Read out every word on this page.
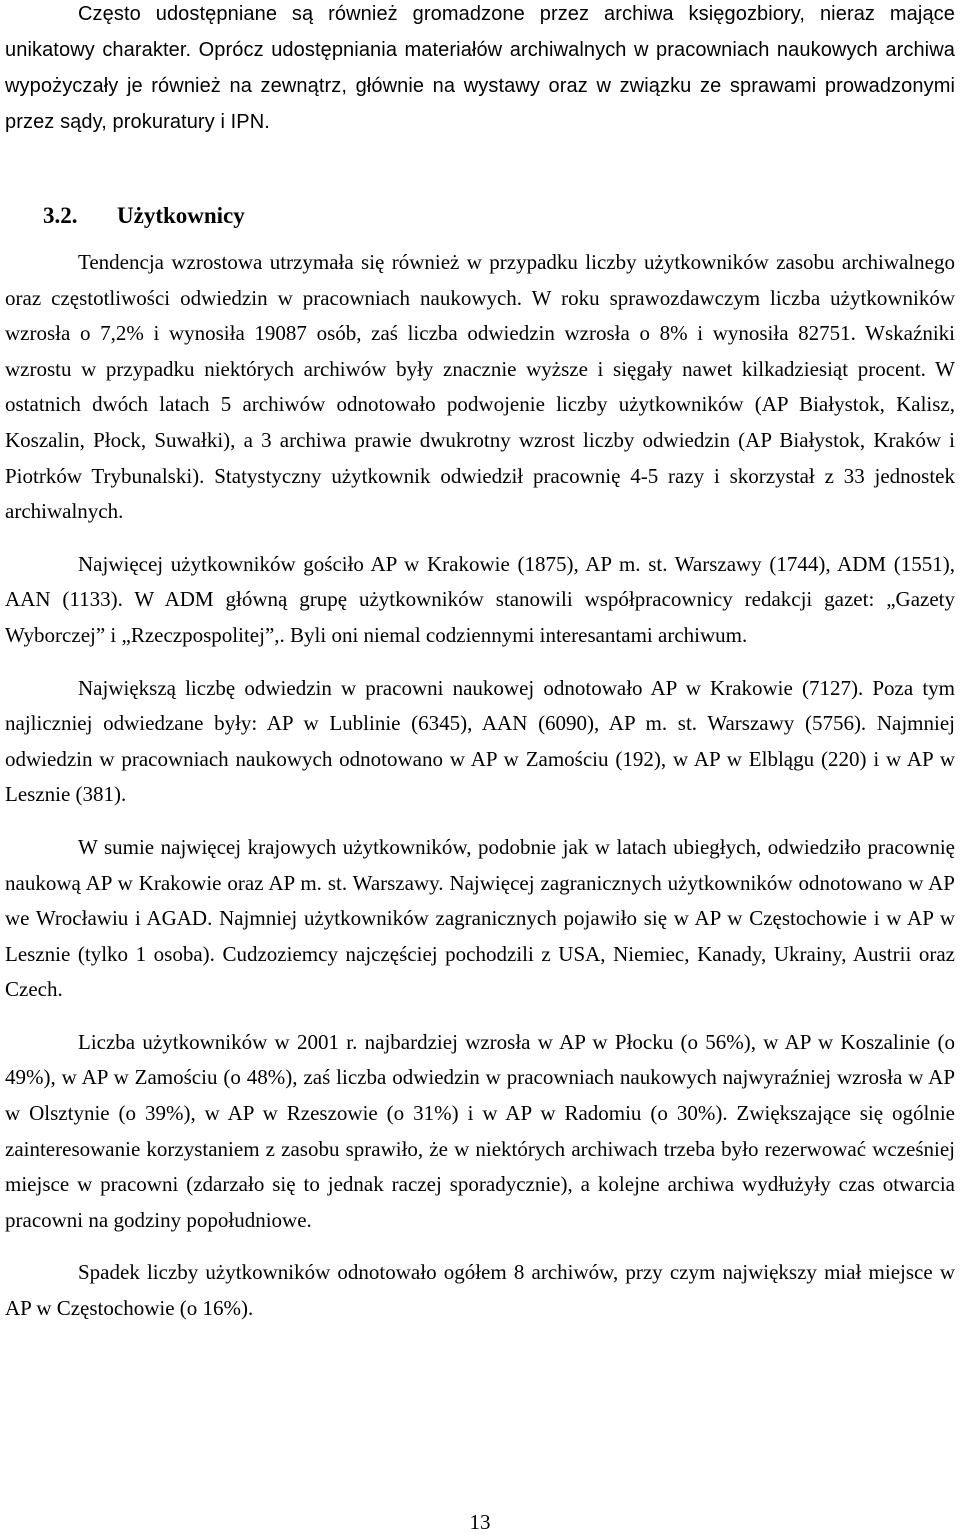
Często udostępniane są również gromadzone przez archiwa księgozbiory, nieraz mające unikatowy charakter. Oprócz udostępniania materiałów archiwalnych w pracowniach naukowych archiwa wypożyczały je również na zewnątrz, głównie na wystawy oraz w związku ze sprawami prowadzonymi przez sądy, prokuratury i IPN.

3.2. Użytkownicy

Tendencja wzrostowa utrzymała się również w przypadku liczby użytkowników zasobu archiwalnego oraz częstotliwości odwiedzin w pracowniach naukowych. W roku sprawozdawczym liczba użytkowników wzrosła o 7,2% i wynosiła 19087 osób, zaś liczba odwiedzin wzrosła o 8% i wynosiła 82751. Wskaźniki wzrostu w przypadku niektórych archiwów były znacznie wyższe i sięgały nawet kilkadziesiąt procent. W ostatnich dwóch latach 5 archiwów odnotowało podwojenie liczby użytkowników (AP Białystok, Kalisz, Koszalin, Płock, Suwałki), a 3 archiwa prawie dwukrotny wzrost liczby odwiedzin (AP Białystok, Kraków i Piotrków Trybunalski). Statystyczny użytkownik odwiedził pracownię 4-5 razy i skorzystał z 33 jednostek archiwalnych.

Najwięcej użytkowników gościło AP w Krakowie (1875), AP m. st. Warszawy (1744), ADM (1551), AAN (1133). W ADM główną grupę użytkowników stanowili współpracownicy redakcji gazet: „Gazety Wyborczej” i „Rzeczpospolitej”,. Byli oni niemal codziennymi interesantami archiwum.

Największą liczbę odwiedzin w pracowni naukowej odnotowało AP w Krakowie (7127). Poza tym najliczniej odwiedzane były: AP w Lublinie (6345), AAN (6090), AP m. st. Warszawy (5756). Najmniej odwiedzin w pracowniach naukowych odnotowano w AP w Zamościu (192), w AP w Elblągu (220) i w AP w Lesznie (381).

W sumie najwięcej krajowych użytkowników, podobnie jak w latach ubiegłych, odwiedziło pracownię naukową AP w Krakowie oraz AP m. st. Warszawy. Najwięcej zagranicznych użytkowników odnotowano w AP we Wrocławiu i AGAD. Najmniej użytkowników zagranicznych pojawiło się w AP w Częstochowie i w AP w Lesznie (tylko 1 osoba). Cudzoziemcy najczęściej pochodzili z USA, Niemiec, Kanady, Ukrainy, Austrii oraz Czech.

Liczba użytkowników w 2001 r. najbardziej wzrosła w AP w Płocku (o 56%), w AP w Koszalinie (o 49%), w AP w Zamościu (o 48%), zaś liczba odwiedzin w pracowniach naukowych najwyraźniej wzrosła w AP w Olsztynie (o 39%), w AP w Rzeszowie (o 31%) i w AP w Radomiu (o 30%). Zwiększające się ogólnie zainteresowanie korzystaniem z zasobu sprawiło, że w niektórych archiwach trzeba było rezerwować wcześniej miejsce w pracowni (zdarzało się to jednak raczej sporadycznie), a kolejne archiwa wydłużyły czas otwarcia pracowni na godziny popołudniowe.

Spadek liczby użytkowników odnotowało ogółem 8 archiwów, przy czym największy miał miejsce w AP w Częstochowie (o 16%).

13
